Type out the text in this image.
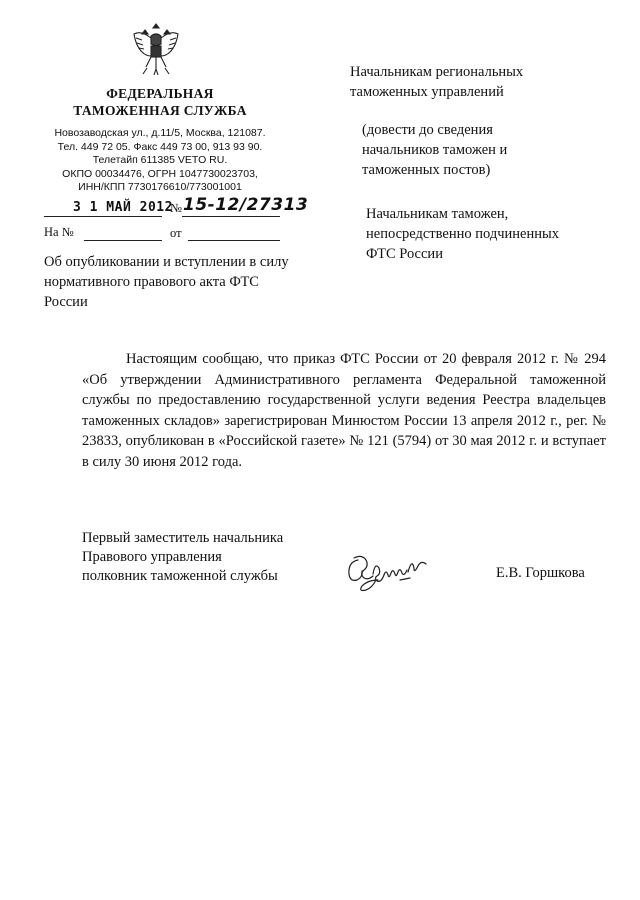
ФЕДЕРАЛЬНАЯ
ТАМОЖЕННАЯ СЛУЖБА
Новозаводская ул., д.11/5, Москва, 121087.
Тел. 449 72 05. Факс 449 73 00, 913 93 90.
Телетайп 611385 VETO RU.
ОКПО 00034476, ОГРН 1047730023703,
ИНН/КПП 7730176610/773001001
3 1 МАЙ 2012
№ 15-12/27313
На №	от
Об опубликовании и вступлении в силу нормативного правового акта ФТС России
Начальникам региональных
таможенных управлений
(довести до сведения
начальников таможен и
таможенных постов)
Начальникам таможен,
непосредственно подчиненных
ФТС России

Настоящим сообщаю, что приказ ФТС России от 20 февраля 2012 г. № 294 «Об утверждении Административного регламента Федеральной таможенной службы по предоставлению государственной услуги ведения Реестра владельцев таможенных складов» зарегистрирован Минюстом России 13 апреля 2012 г., рег. № 23833, опубликован в «Российской газете» № 121 (5794) от 30 мая 2012 г. и вступает в силу 30 июня 2012 года.

Первый заместитель начальника
Правового управления
полковник таможенной службы	Е.В. Горшкова
